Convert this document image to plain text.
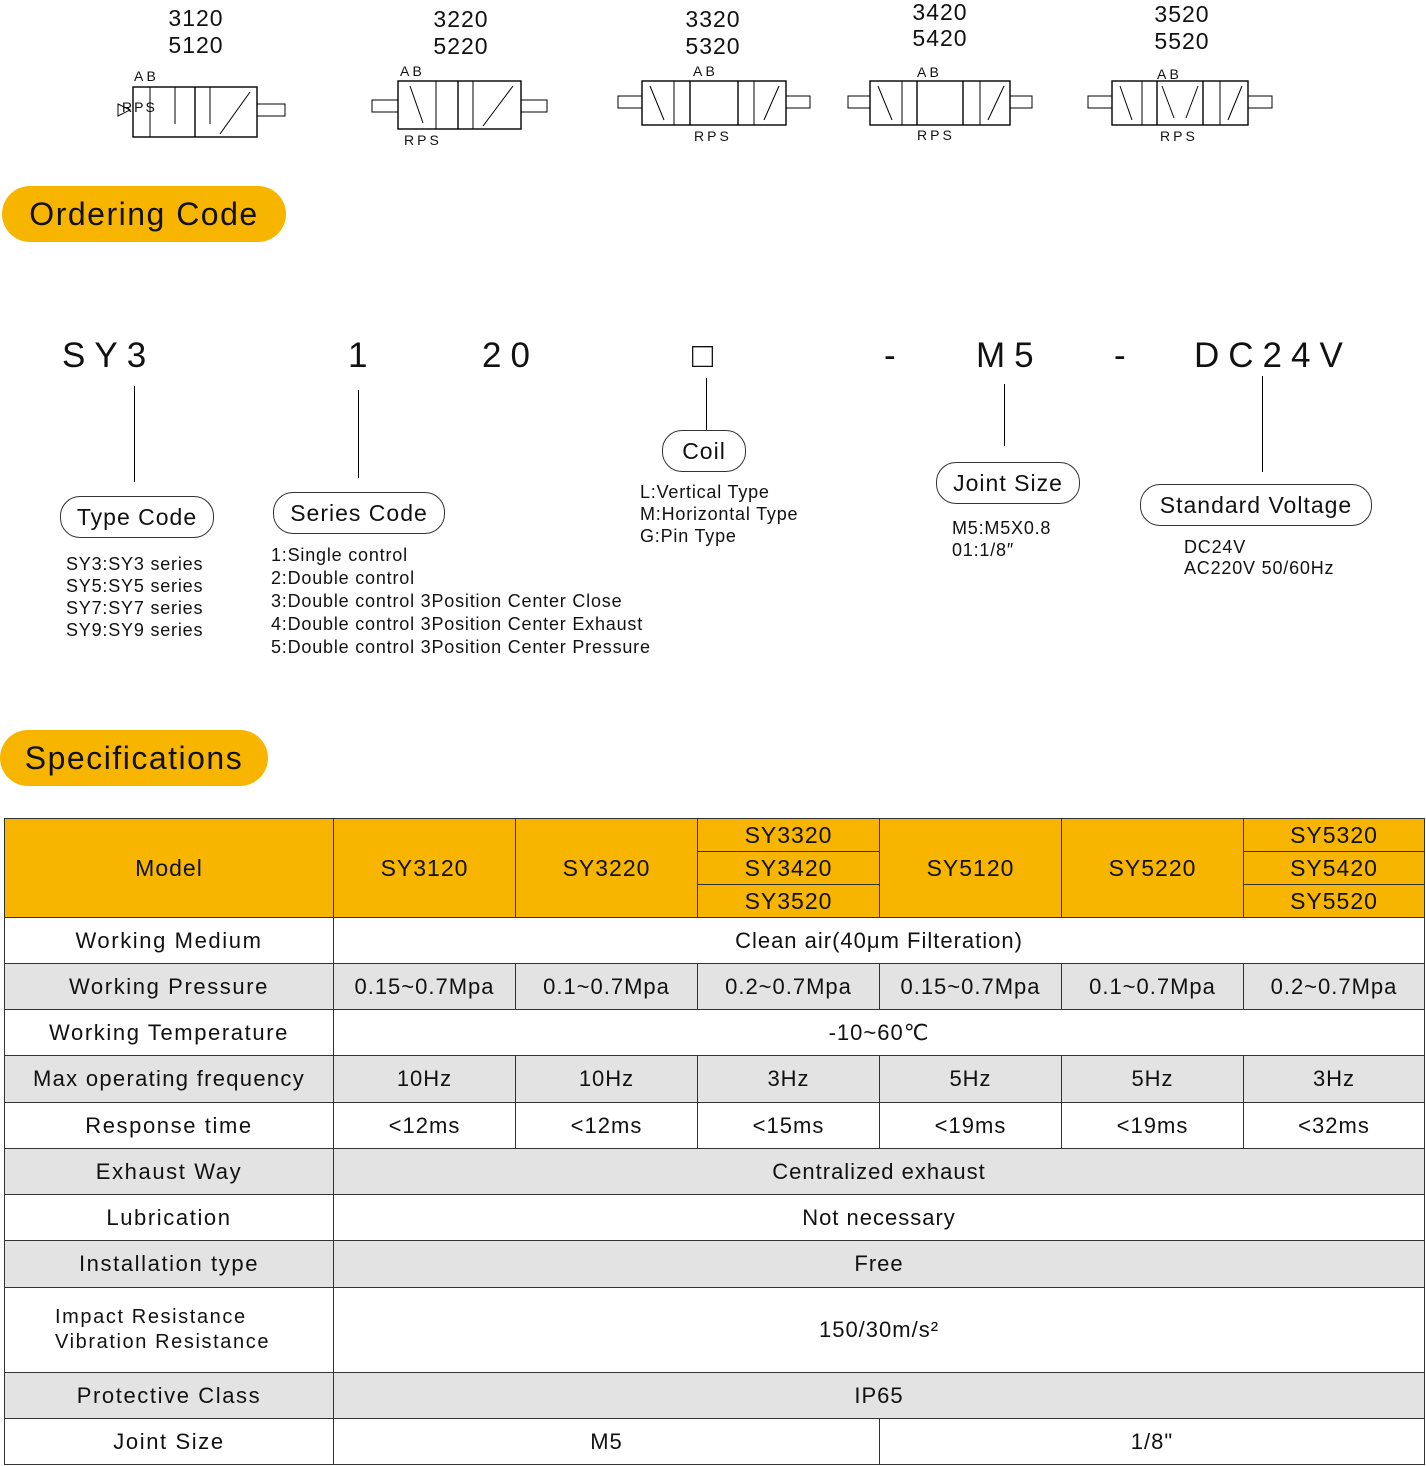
3120
5120
A B
RPS
3220
5220
A B
RPS
3320
5320
A B
RPS
3420
5420
A B
RPS
3520
5520
A B
RPS
Ordering Code
SY3	1	20	□	- M5 - DC24V
Type Code
SY3:SY3 series
SY5:SY5 series
SY7:SY7 series
SY9:SY9 series
Series Code
1:Single control
2:Double control
3:Double control 3Position Center Close
4:Double control 3Position Center Exhaust
5:Double control 3Position Center Pressure
Coil
L:Vertical Type
M:Horizontal Type
G:Pin Type
Joint Size
M5:M5X0.8
01:1/8″
Standard Voltage
DC24V
AC220V 50/60Hz
Specifications
Model	SY3120	SY3220	SY3320	SY5120	SY5220	SY5320
			SY3420			SY5420
			SY3520			SY5520
Working Medium	Clean air(40μm Filteration)					
Working Pressure	0.15~0.7Mpa	0.1~0.7Mpa	0.2~0.7Mpa	0.15~0.7Mpa	0.1~0.7Mpa	0.2~0.7Mpa
Working Temperature	-10~60℃					
Max operating frequency	10Hz	10Hz	3Hz	5Hz	5Hz	3Hz
Response time	<12ms	<12ms	<15ms	<19ms	<19ms	<32ms
Exhaust Way	Centralized exhaust					
Lubrication	Not necessary					
Installation type	Free					

Impact Resistance
Vibration Resistance	150/30m/s²					
Protective Class	IP65					
Joint Size	M5			1/8"		
